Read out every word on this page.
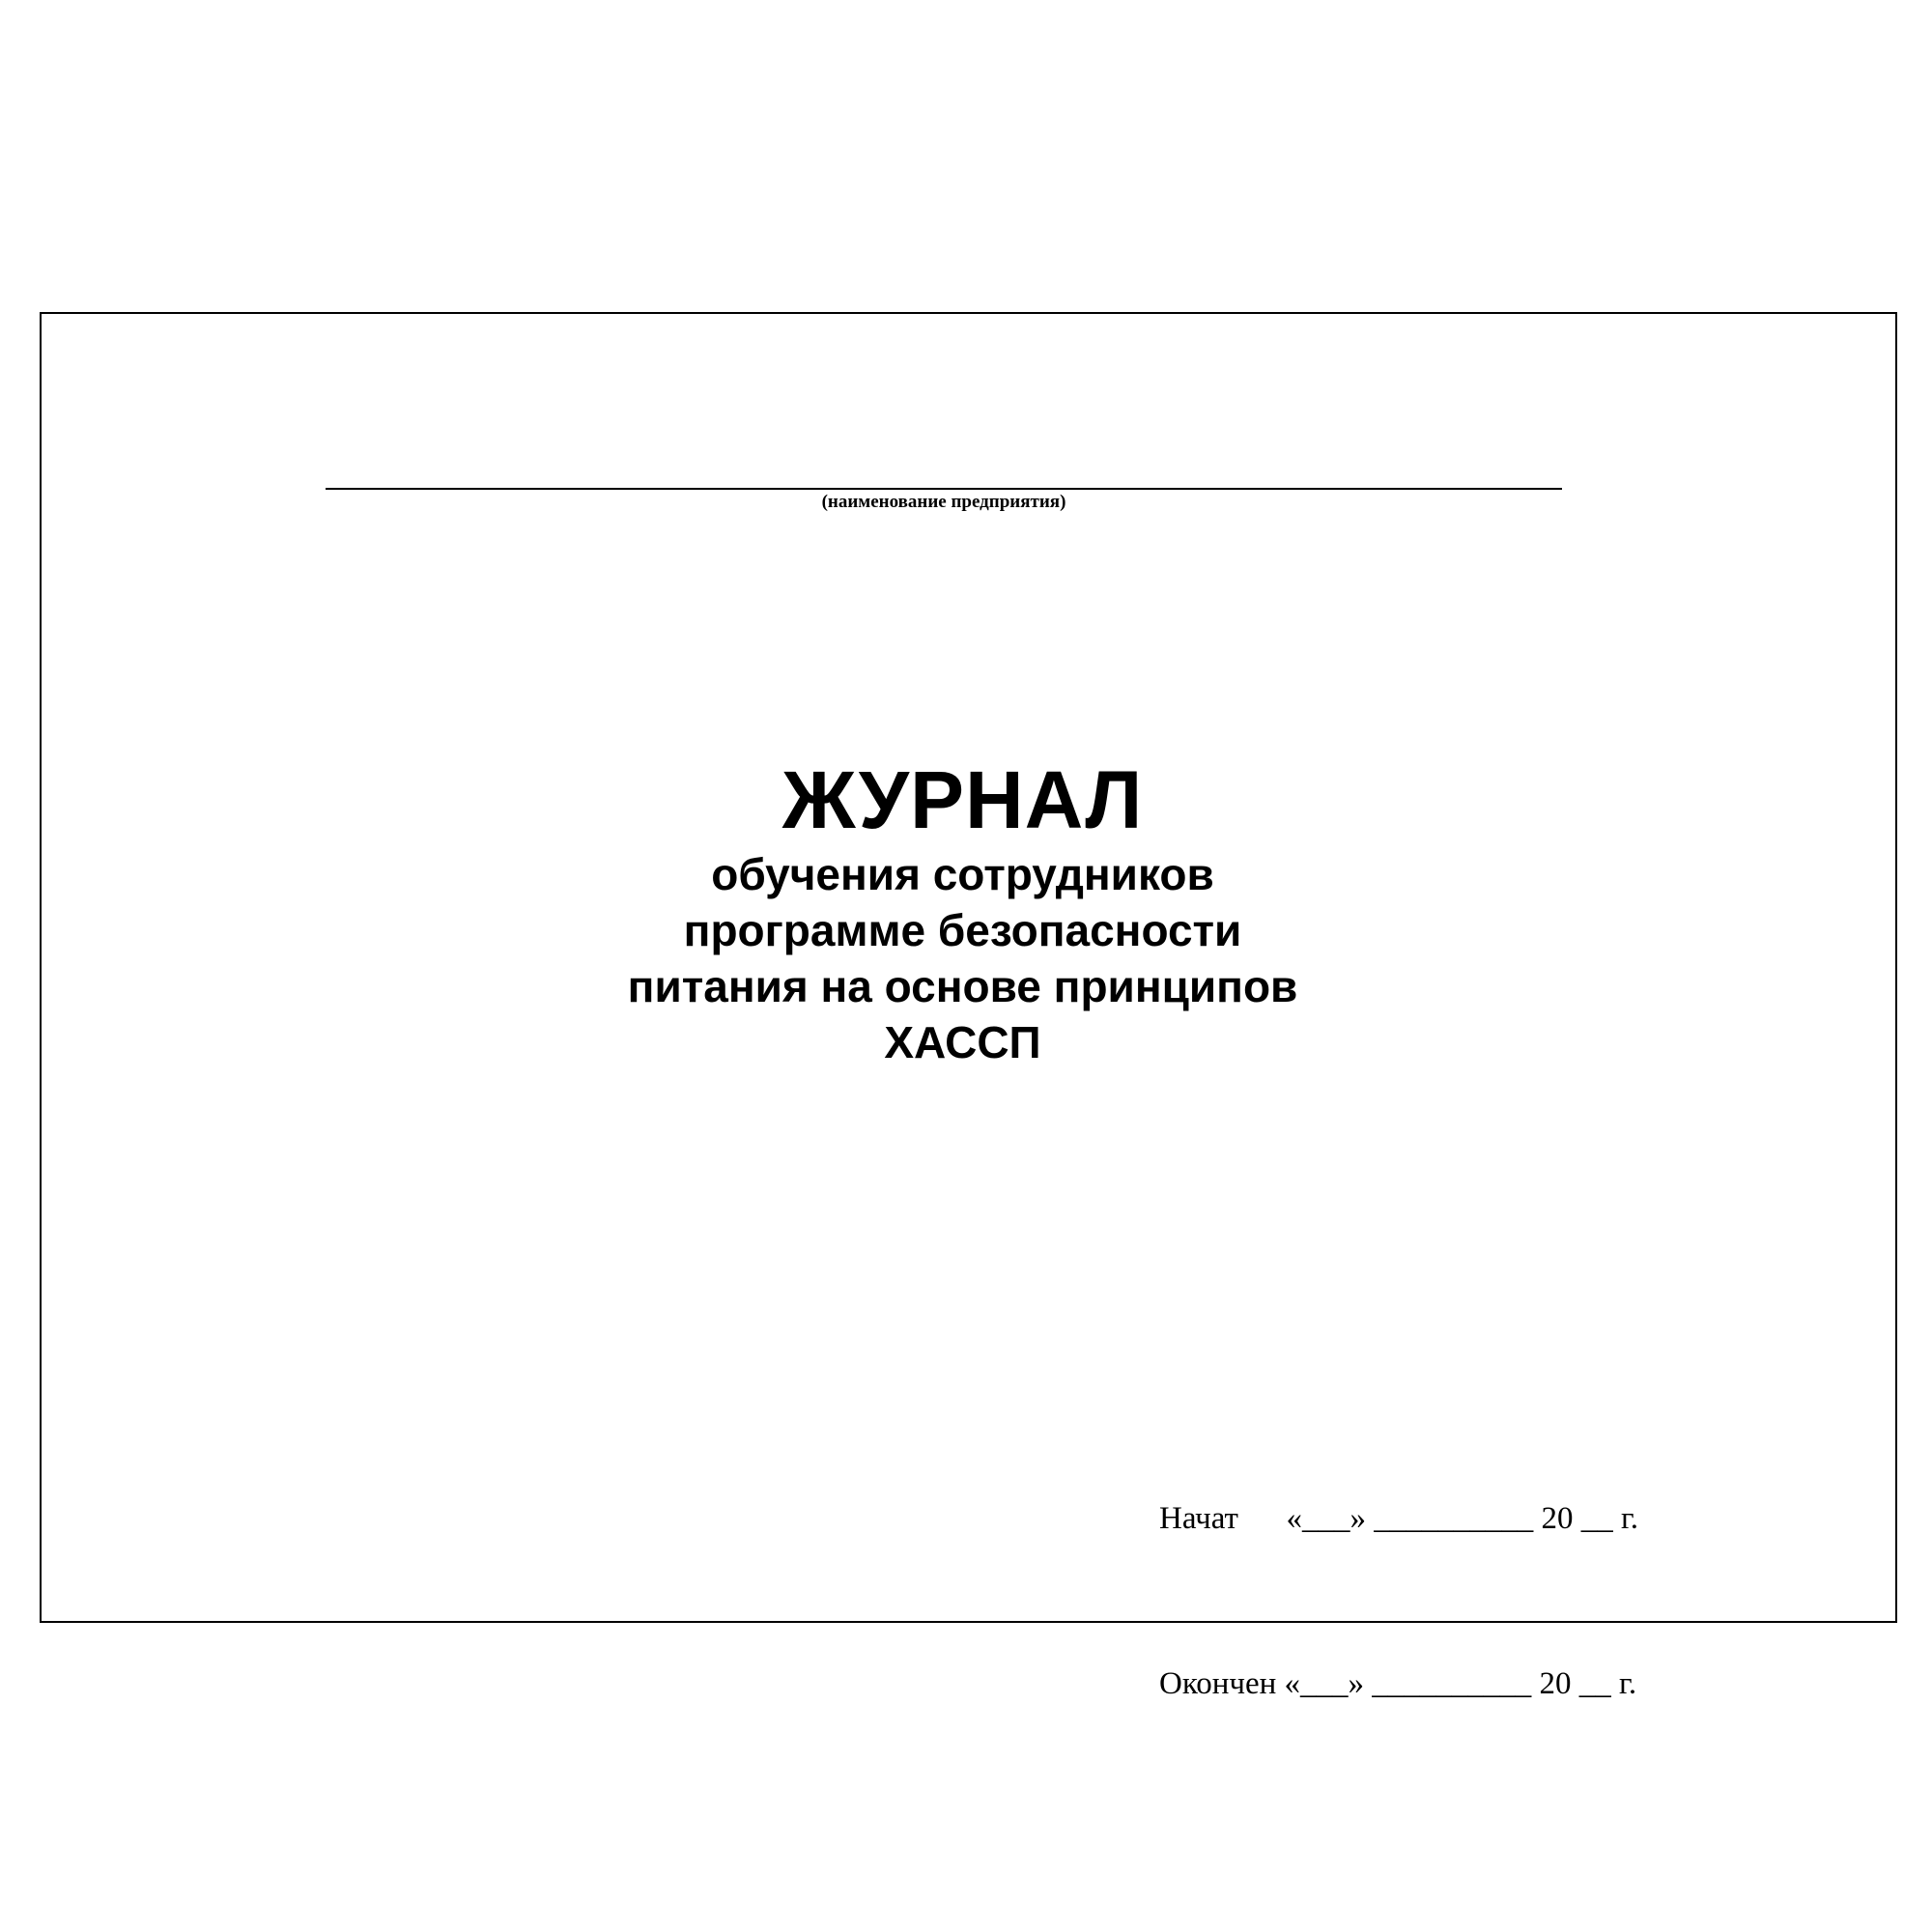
(наименование предприятия)
ЖУРНАЛ
обучения сотрудников
программе безопасности
питания на основе принципов
ХАССП

Начат      «___» __________ 20 __ г.

Окончен «___» __________ 20 __ г.
